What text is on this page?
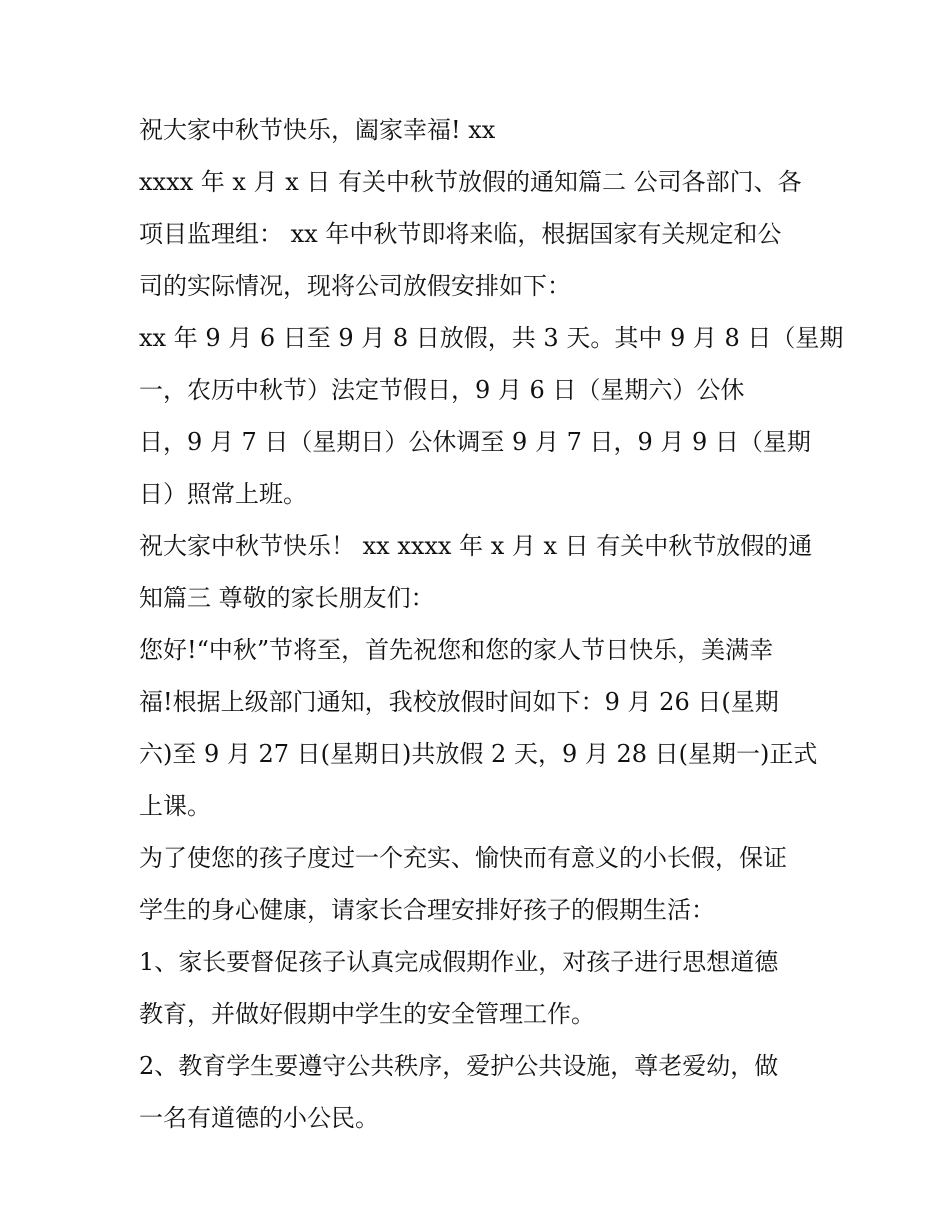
祝大家中秋节快乐，阖家幸福! xx
xxxx 年 x 月 x 日 有关中秋节放假的通知篇二 公司各部门、各
项目监理组： xx 年中秋节即将来临，根据国家有关规定和公
司的实际情况，现将公司放假安排如下：
xx 年 9 月 6 日至 9 月 8 日放假，共 3 天。其中 9 月 8 日（星期
一，农历中秋节）法定节假日，9 月 6 日（星期六）公休
日，9 月 7 日（星期日）公休调至 9 月 7 日，9 月 9 日（星期
日）照常上班。
祝大家中秋节快乐！ xx xxxx 年 x 月 x 日 有关中秋节放假的通
知篇三 尊敬的家长朋友们：
您好!“中秋”节将至，首先祝您和您的家人节日快乐，美满幸
福!根据上级部门通知，我校放假时间如下：9 月 26 日(星期
六)至 9 月 27 日(星期日)共放假 2 天，9 月 28 日(星期一)正式
上课。
为了使您的孩子度过一个充实、愉快而有意义的小长假，保证
学生的身心健康，请家长合理安排好孩子的假期生活：
1、家长要督促孩子认真完成假期作业，对孩子进行思想道德
教育，并做好假期中学生的安全管理工作。
2、教育学生要遵守公共秩序，爱护公共设施，尊老爱幼，做
一名有道德的小公民。
